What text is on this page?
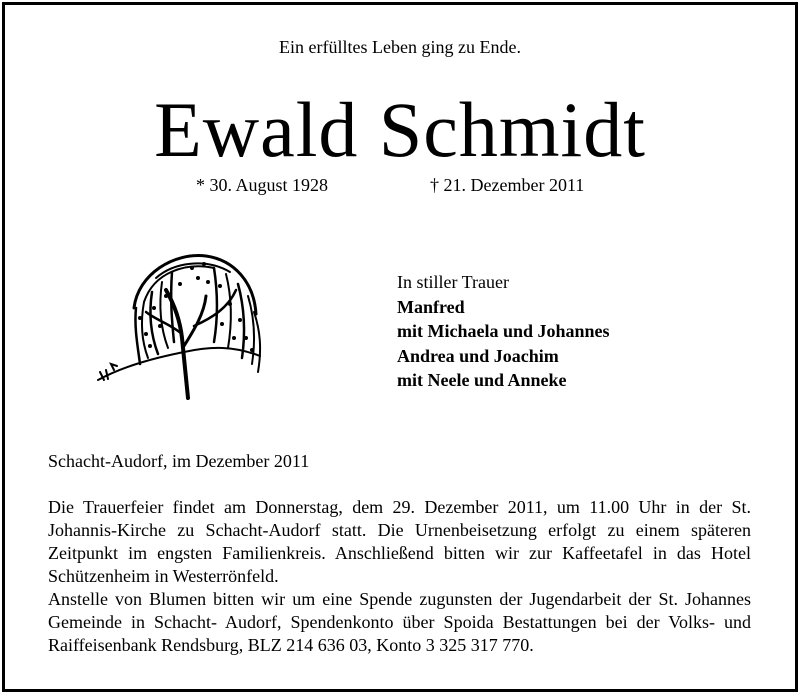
Ein erfülltes Leben ging zu Ende.
Ewald Schmidt
* 30. August 1928	† 21. Dezember 2011
In stiller Trauer
Manfred
mit Michaela und Johannes
Andrea und Joachim
mit Neele und Anneke
Schacht-Audorf, im Dezember 2011

Die Trauerfeier findet am Donnerstag, dem 29. Dezember 2011, um 11.00 Uhr in der St. Johannis-Kirche zu Schacht-Audorf statt. Die Urnenbeisetzung erfolgt zu einem späteren Zeitpunkt im engsten Familienkreis. Anschließend bitten wir zur Kaffeetafel in das Hotel Schützenheim in Westerrönfeld.

Anstelle von Blumen bitten wir um eine Spende zugunsten der Jugendarbeit der St. Johannes Gemeinde in Schacht- Audorf, Spendenkonto über Spoida Bestattungen bei der Volks- und Raiffeisenbank Rendsburg, BLZ 214 636 03, Konto 3 325 317 770.
